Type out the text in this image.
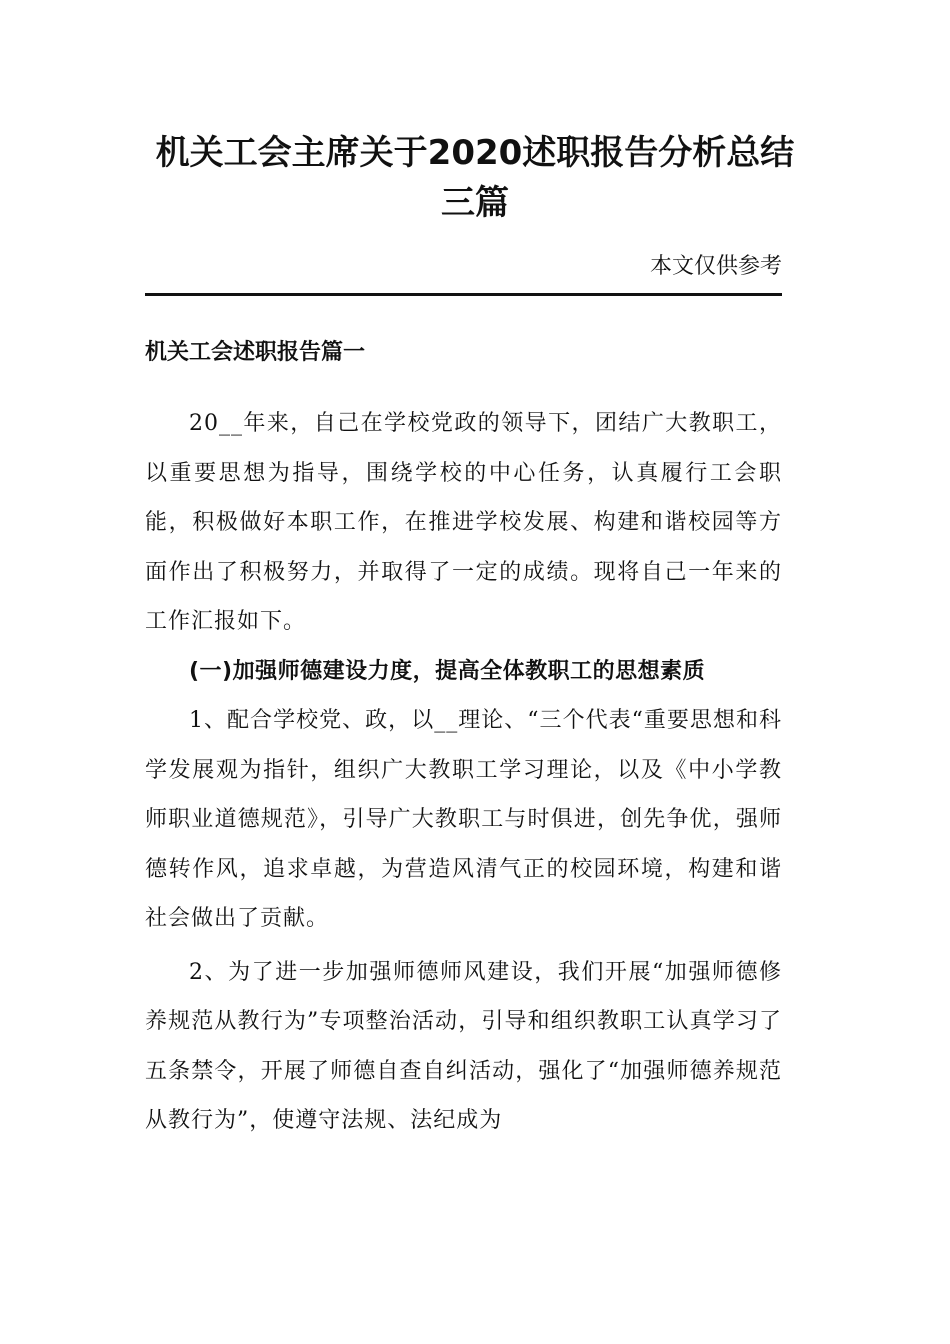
机关工会主席关于2020述职报告分析总结
三篇
本文仅供参考
机关工会述职报告篇一

20__年来，自己在学校党政的领导下，团结广大教职工，以重要思想为指导，围绕学校的中心任务，认真履行工会职能，积极做好本职工作，在推进学校发展、构建和谐校园等方面作出了积极努力，并取得了一定的成绩。现将自己一年来的工作汇报如下。

(一)加强师德建设力度，提高全体教职工的思想素质

1、配合学校党、政，以__理论、“三个代表“重要思想和科学发展观为指针，组织广大教职工学习理论，以及《中小学教师职业道德规范》，引导广大教职工与时俱进，创先争优，强师德转作风，追求卓越，为营造风清气正的校园环境，构建和谐社会做出了贡献。

2、为了进一步加强师德师风建设，我们开展“加强师德修养规范从教行为”专项整治活动，引导和组织教职工认真学习了五条禁令，开展了师德自查自纠活动，强化了“加强师德养规范从教行为”，使遵守法规、法纪成为
